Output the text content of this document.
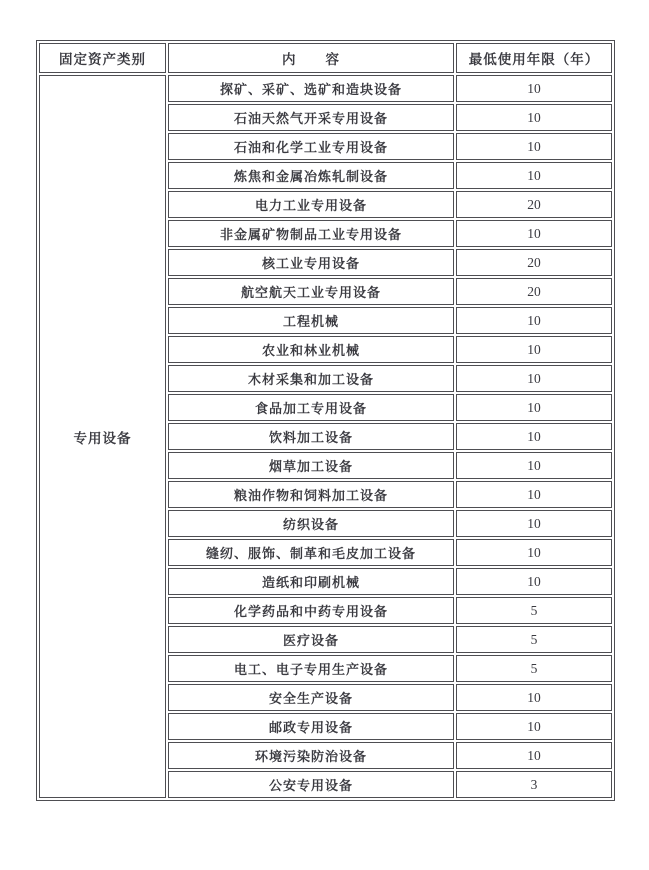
固定资产类别	内　　容	最低使用年限（年）
专用设备	探矿、采矿、选矿和造块设备	10
	石油天然气开采专用设备	10
	石油和化学工业专用设备	10
	炼焦和金属冶炼轧制设备	10
	电力工业专用设备	20
	非金属矿物制品工业专用设备	10
	核工业专用设备	20
	航空航天工业专用设备	20
	工程机械	10
	农业和林业机械	10
	木材采集和加工设备	10
	食品加工专用设备	10
	饮料加工设备	10
	烟草加工设备	10
	粮油作物和饲料加工设备	10
	纺织设备	10
	缝纫、服饰、制革和毛皮加工设备	10
	造纸和印刷机械	10
	化学药品和中药专用设备	5
	医疗设备	5
	电工、电子专用生产设备	5
	安全生产设备	10
	邮政专用设备	10
	环境污染防治设备	10
	公安专用设备	3
